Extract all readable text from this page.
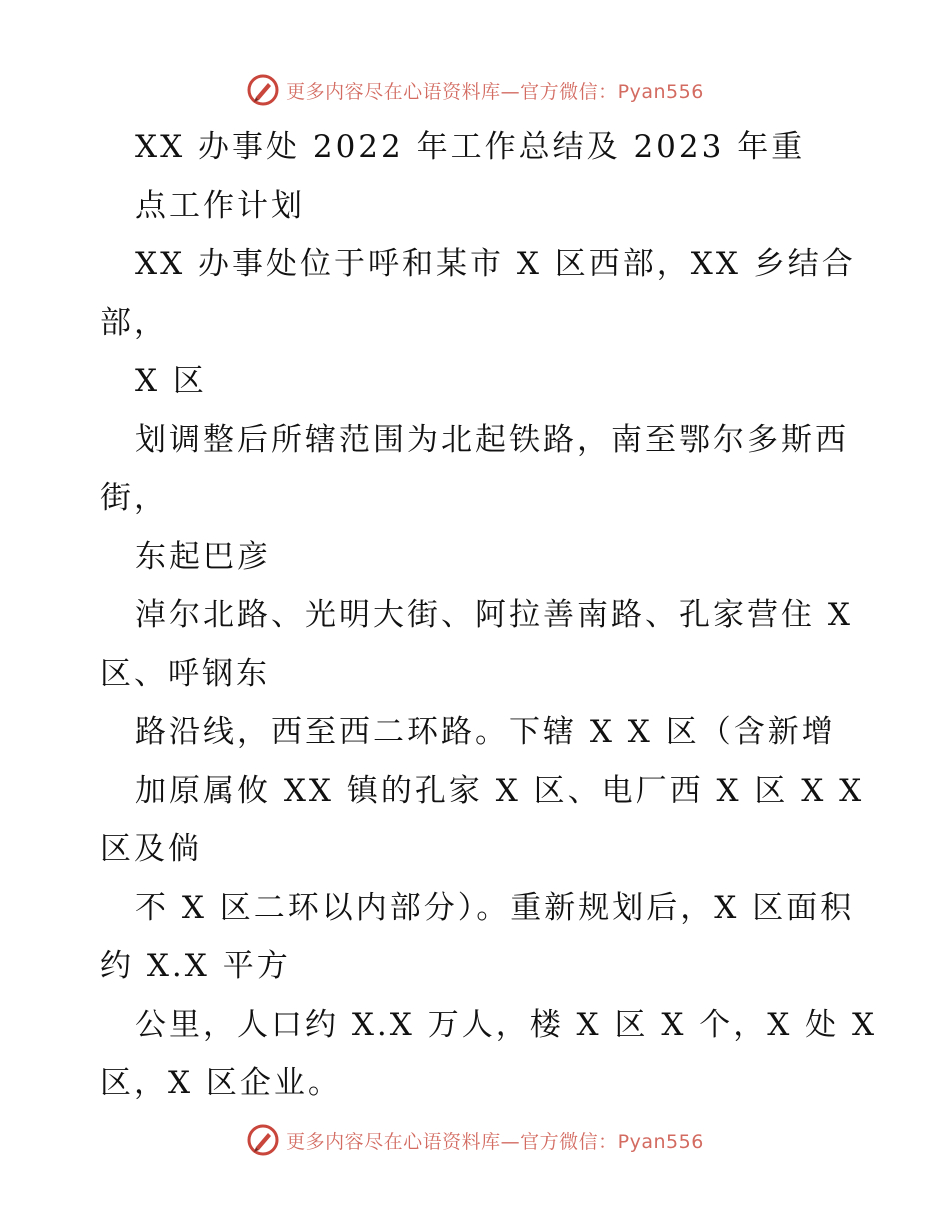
更多内容尽在心语资料库—官方微信：Pyan556
XX 办事处 2022 年工作总结及 2023 年重
点工作计划
XX 办事处位于呼和某市 X 区西部，XX 乡结合
部，
X 区
划调整后所辖范围为北起铁路，南至鄂尔多斯西
街，
东起巴彦
淖尔北路、光明大街、阿拉善南路、孔家营住 X
区、呼钢东
路沿线，西至西二环路。下辖 X X 区（含新增
加原属攸 XX 镇的孔家 X 区、电厂西 X 区 X X
区及倘
不 X 区二环以内部分）。重新规划后，X 区面积
约 X.X 平方
公里，人口约 X.X 万人，楼 X 区 X 个，X 处 X
区，X 区企业。
更多内容尽在心语资料库—官方微信：Pyan556
